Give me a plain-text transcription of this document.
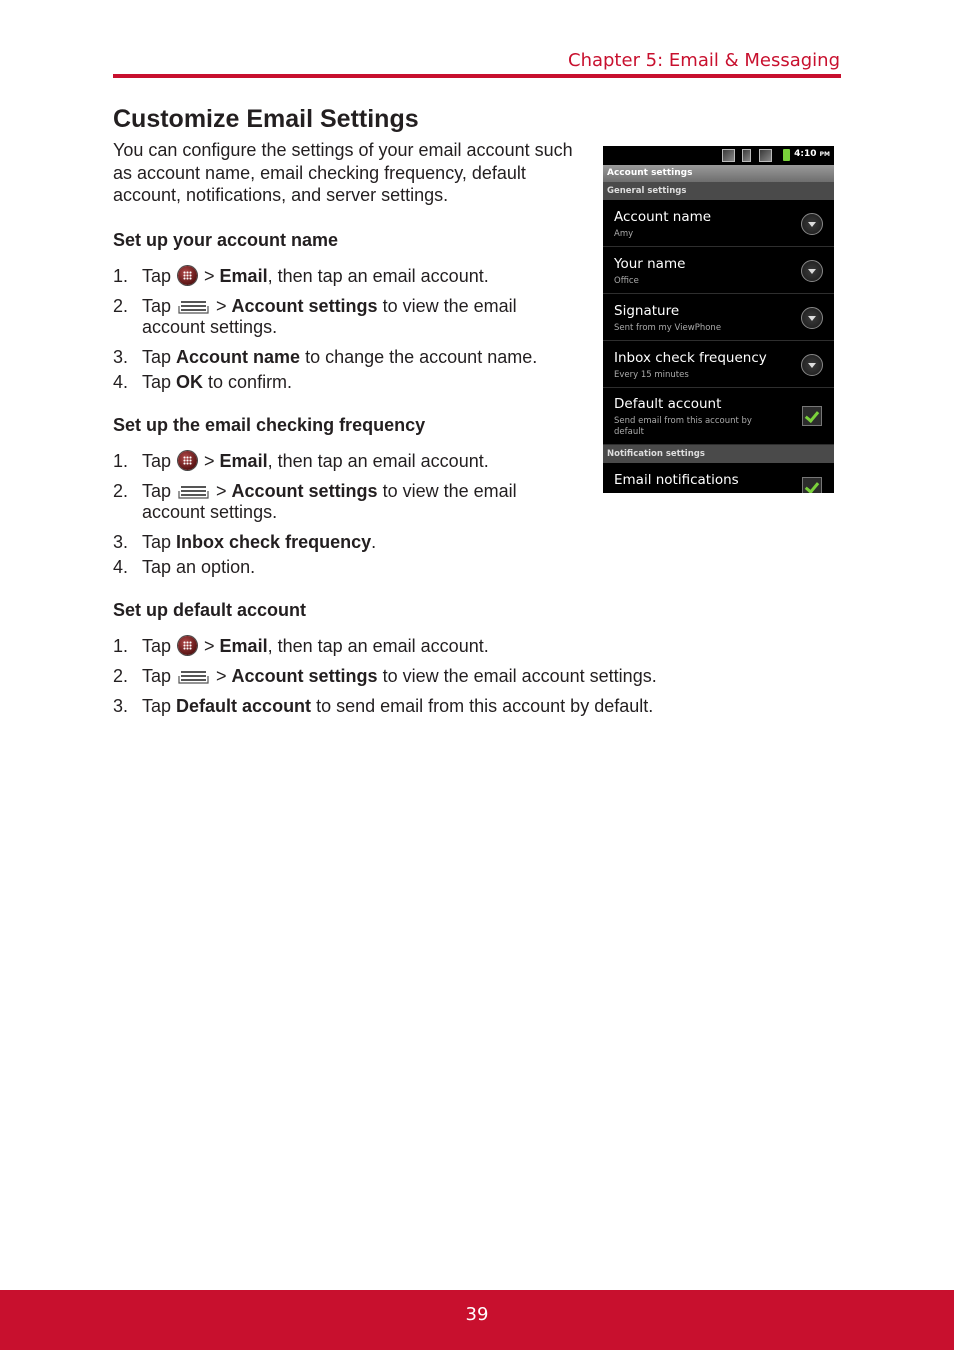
Chapter 5: Email & Messaging
Customize Email Settings

You can configure the settings of your email account such as account name, email checking frequency, default account, notifications, and server settings.

Set up your account name
1. Tap  > Email, then tap an email account.
2. Tap  > Account settings to view the email account settings.
3. Tap Account name to change the account name.
4. Tap OK to confirm.
Set up the email checking frequency
1. Tap  > Email, then tap an email account.
2. Tap  > Account settings to view the email account settings.
3. Tap Inbox check frequency.
4. Tap an option.
Set up default account
1. Tap  > Email, then tap an email account.
2. Tap  > Account settings to view the email account settings.
3. Tap Default account to send email from this account by default.
4:10 PM
Account settings
General settings
Account name
Amy
Your name
Office
Signature
Sent from my ViewPhone
Inbox check frequency
Every 15 minutes
Default account
Send email from this account by default
Notification settings
Email notifications
39
